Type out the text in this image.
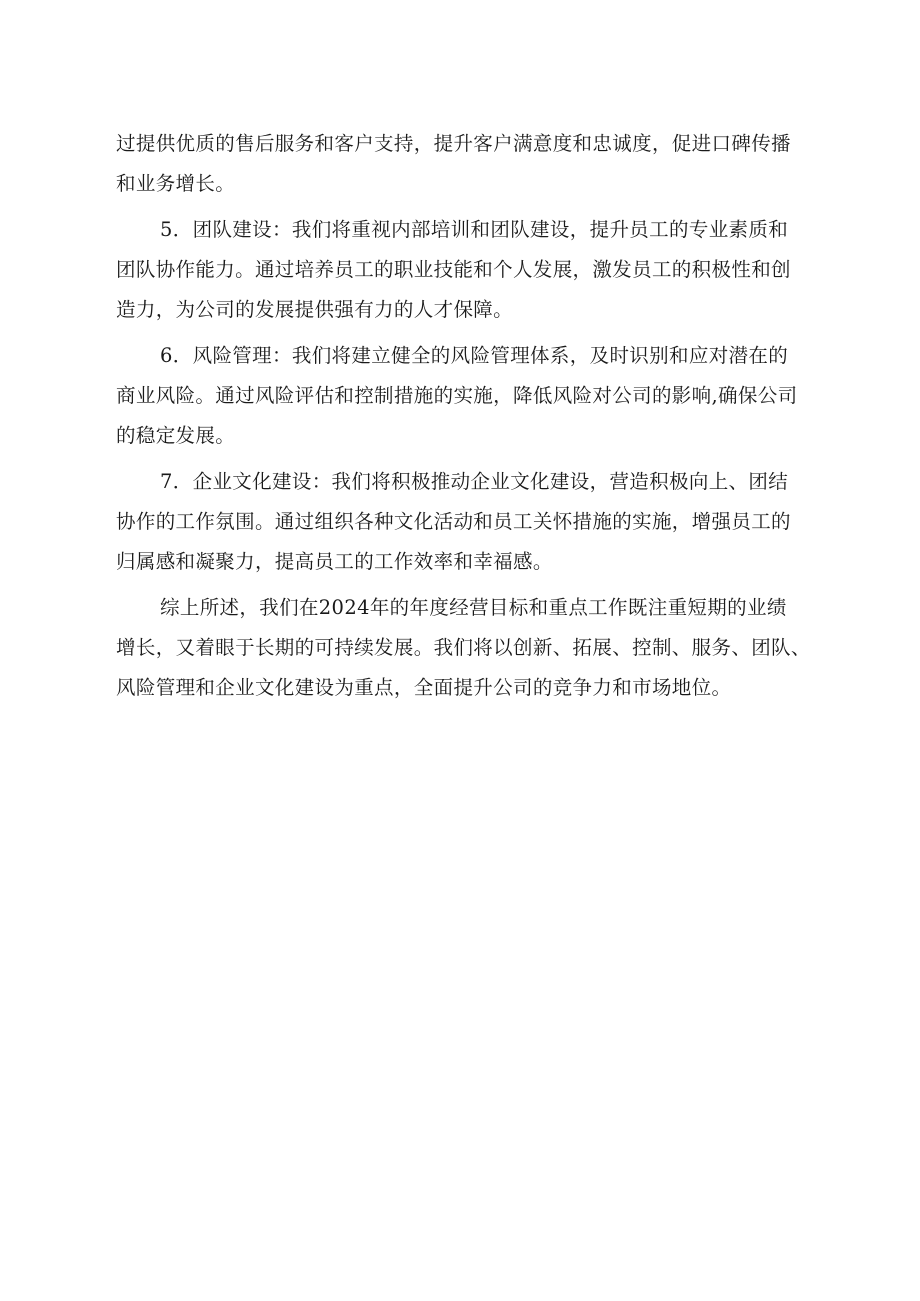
过提供优质的售后服务和客户支持，提升客户满意度和忠诚度，促进口碑传播
和业务增长。

5．团队建设：我们将重视内部培训和团队建设，提升员工的专业素质和
团队协作能力。通过培养员工的职业技能和个人发展，激发员工的积极性和创
造力，为公司的发展提供强有力的人才保障。

6．风险管理：我们将建立健全的风险管理体系，及时识别和应对潜在的
商业风险。通过风险评估和控制措施的实施，降低风险对公司的影响,确保公司
的稳定发展。

7．企业文化建设：我们将积极推动企业文化建设，营造积极向上、团结
协作的工作氛围。通过组织各种文化活动和员工关怀措施的实施，增强员工的
归属感和凝聚力，提高员工的工作效率和幸福感。

综上所述，我们在2024年的年度经营目标和重点工作既注重短期的业绩
增长，又着眼于长期的可持续发展。我们将以创新、拓展、控制、服务、团队、
风险管理和企业文化建设为重点，全面提升公司的竞争力和市场地位。
